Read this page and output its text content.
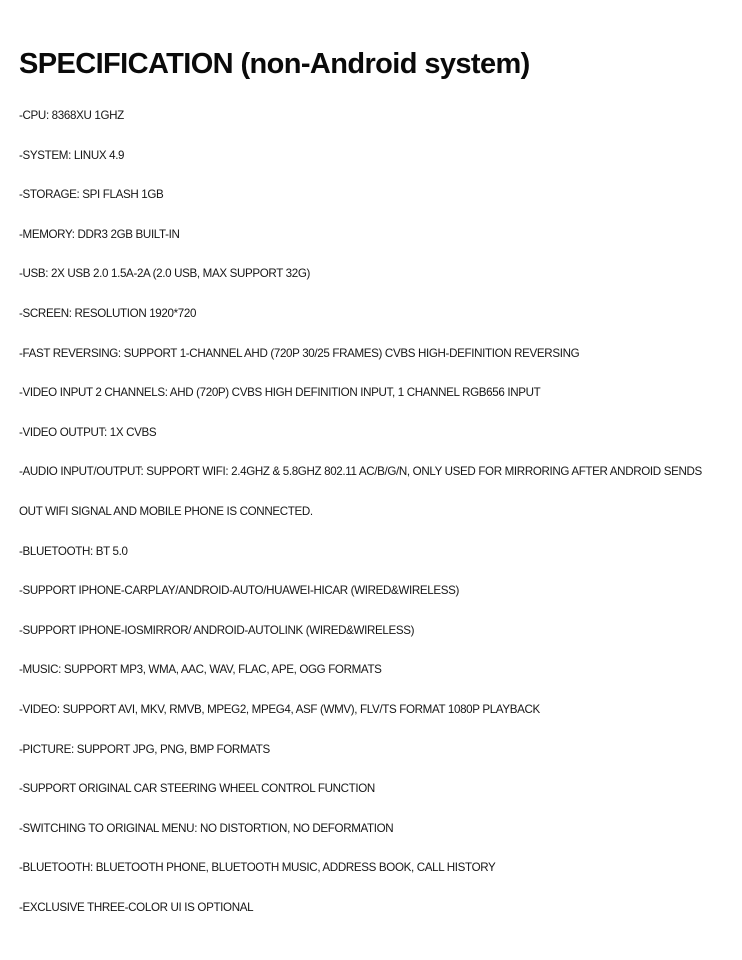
SPECIFICATION (non-Android system)
-CPU: 8368XU 1GHZ
-SYSTEM: LINUX 4.9
-STORAGE: SPI FLASH 1GB
-MEMORY: DDR3 2GB BUILT-IN
-USB: 2X USB 2.0 1.5A-2A (2.0 USB, MAX SUPPORT 32G)
-SCREEN: RESOLUTION 1920*720
-FAST REVERSING: SUPPORT 1-CHANNEL AHD (720P 30/25 FRAMES) CVBS HIGH-DEFINITION REVERSING
-VIDEO INPUT 2 CHANNELS: AHD (720P) CVBS HIGH DEFINITION INPUT, 1 CHANNEL RGB656 INPUT
-VIDEO OUTPUT: 1X CVBS
-AUDIO INPUT/OUTPUT: SUPPORT WIFI: 2.4GHZ & 5.8GHZ 802.11 AC/B/G/N, ONLY USED FOR MIRRORING AFTER ANDROID SENDS
OUT WIFI SIGNAL AND MOBILE PHONE IS CONNECTED.
-BLUETOOTH: BT 5.0
-SUPPORT IPHONE-CARPLAY/ANDROID-AUTO/HUAWEI-HICAR (WIRED&WIRELESS)
-SUPPORT IPHONE-IOSMIRROR/ ANDROID-AUTOLINK (WIRED&WIRELESS)
-MUSIC: SUPPORT MP3, WMA, AAC, WAV, FLAC, APE, OGG FORMATS
-VIDEO: SUPPORT AVI, MKV, RMVB, MPEG2, MPEG4, ASF (WMV), FLV/TS FORMAT 1080P PLAYBACK
-PICTURE: SUPPORT JPG, PNG, BMP FORMATS
-SUPPORT ORIGINAL CAR STEERING WHEEL CONTROL FUNCTION
-SWITCHING TO ORIGINAL MENU: NO DISTORTION, NO DEFORMATION
-BLUETOOTH: BLUETOOTH PHONE, BLUETOOTH MUSIC, ADDRESS BOOK, CALL HISTORY
-EXCLUSIVE THREE-COLOR UI IS OPTIONAL
